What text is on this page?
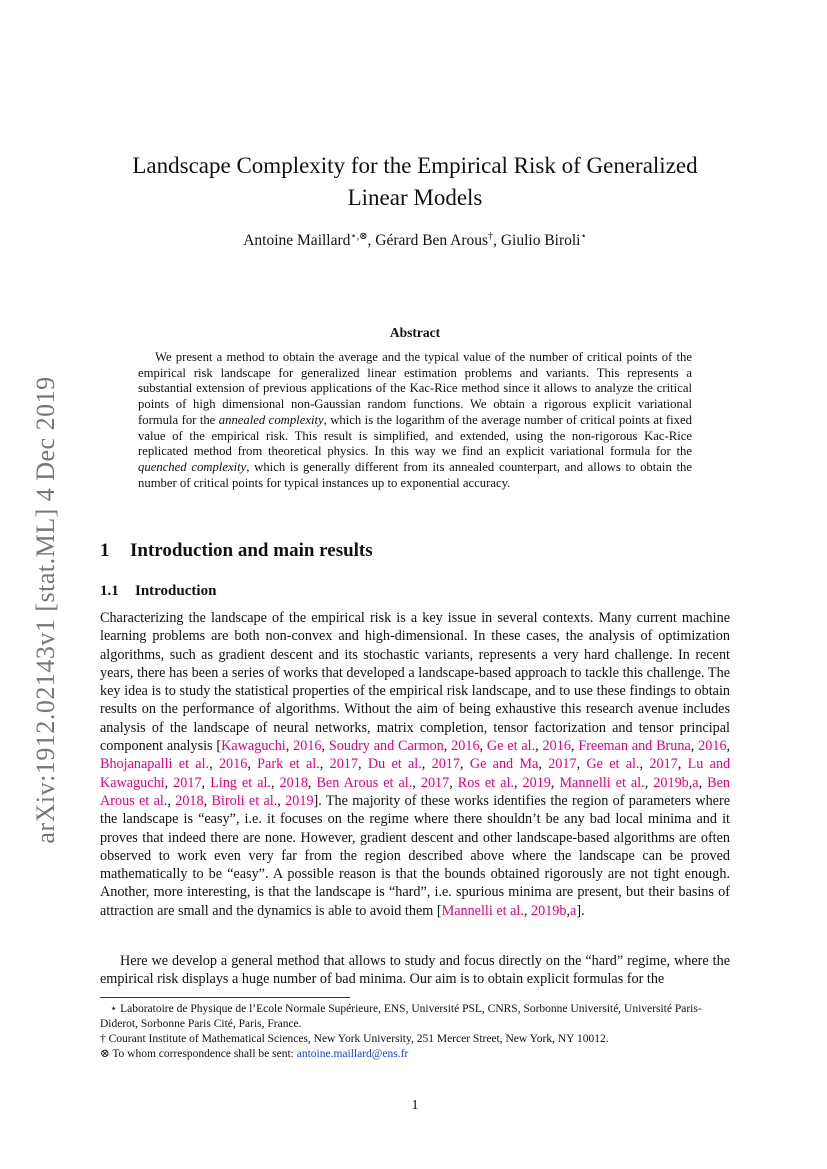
arXiv:1912.02143v1 [stat.ML] 4 Dec 2019
Landscape Complexity for the Empirical Risk of Generalized
Linear Models
Antoine Maillard⋆,⊗, Gérard Ben Arous†, Giulio Biroli⋆
Abstract

We present a method to obtain the average and the typical value of the number of critical points of the empirical risk landscape for generalized linear estimation problems and variants. This represents a substantial extension of previous applications of the Kac-Rice method since it allows to analyze the critical points of high dimensional non-Gaussian random functions. We obtain a rigorous explicit variational formula for the annealed complexity, which is the logarithm of the average number of critical points at fixed value of the empirical risk. This result is simplified, and extended, using the non-rigorous Kac-Rice replicated method from theoretical physics. In this way we find an explicit variational formula for the quenched complexity, which is generally different from its annealed counterpart, and allows to obtain the number of critical points for typical instances up to exponential accuracy.

1 Introduction and main results
1.1 Introduction

Characterizing the landscape of the empirical risk is a key issue in several contexts. Many current machine learning problems are both non-convex and high-dimensional. In these cases, the analysis of optimization algorithms, such as gradient descent and its stochastic variants, represents a very hard challenge. In recent years, there has been a series of works that developed a landscape-based approach to tackle this challenge. The key idea is to study the statistical properties of the empirical risk landscape, and to use these findings to obtain results on the performance of algorithms. Without the aim of being exhaustive this research avenue includes analysis of the landscape of neural networks, matrix completion, tensor factorization and tensor principal component analysis [Kawaguchi, 2016, Soudry and Carmon, 2016, Ge et al., 2016, Freeman and Bruna, 2016, Bhojanapalli et al., 2016, Park et al., 2017, Du et al., 2017, Ge and Ma, 2017, Ge et al., 2017, Lu and Kawaguchi, 2017, Ling et al., 2018, Ben Arous et al., 2017, Ros et al., 2019, Mannelli et al., 2019b,a, Ben Arous et al., 2018, Biroli et al., 2019]. The majority of these works identifies the region of parameters where the landscape is “easy”, i.e. it focuses on the regime where there shouldn’t be any bad local minima and it proves that indeed there are none. However, gradient descent and other landscape-based algorithms are often observed to work even very far from the region described above where the landscape can be proved mathematically to be “easy”. A possible reason is that the bounds obtained rigorously are not tight enough. Another, more interesting, is that the landscape is “hard”, i.e. spurious minima are present, but their basins of attraction are small and the dynamics is able to avoid them [Mannelli et al., 2019b,a].

Here we develop a general method that allows to study and focus directly on the “hard” regime, where the empirical risk displays a huge number of bad minima. Our aim is to obtain explicit formulas for the

⋆ Laboratoire de Physique de l’Ecole Normale Supérieure, ENS, Université PSL, CNRS, Sorbonne Université, Université Paris-Diderot, Sorbonne Paris Cité, Paris, France.

† Courant Institute of Mathematical Sciences, New York University, 251 Mercer Street, New York, NY 10012.

⊗ To whom correspondence shall be sent: antoine.maillard@ens.fr

1
